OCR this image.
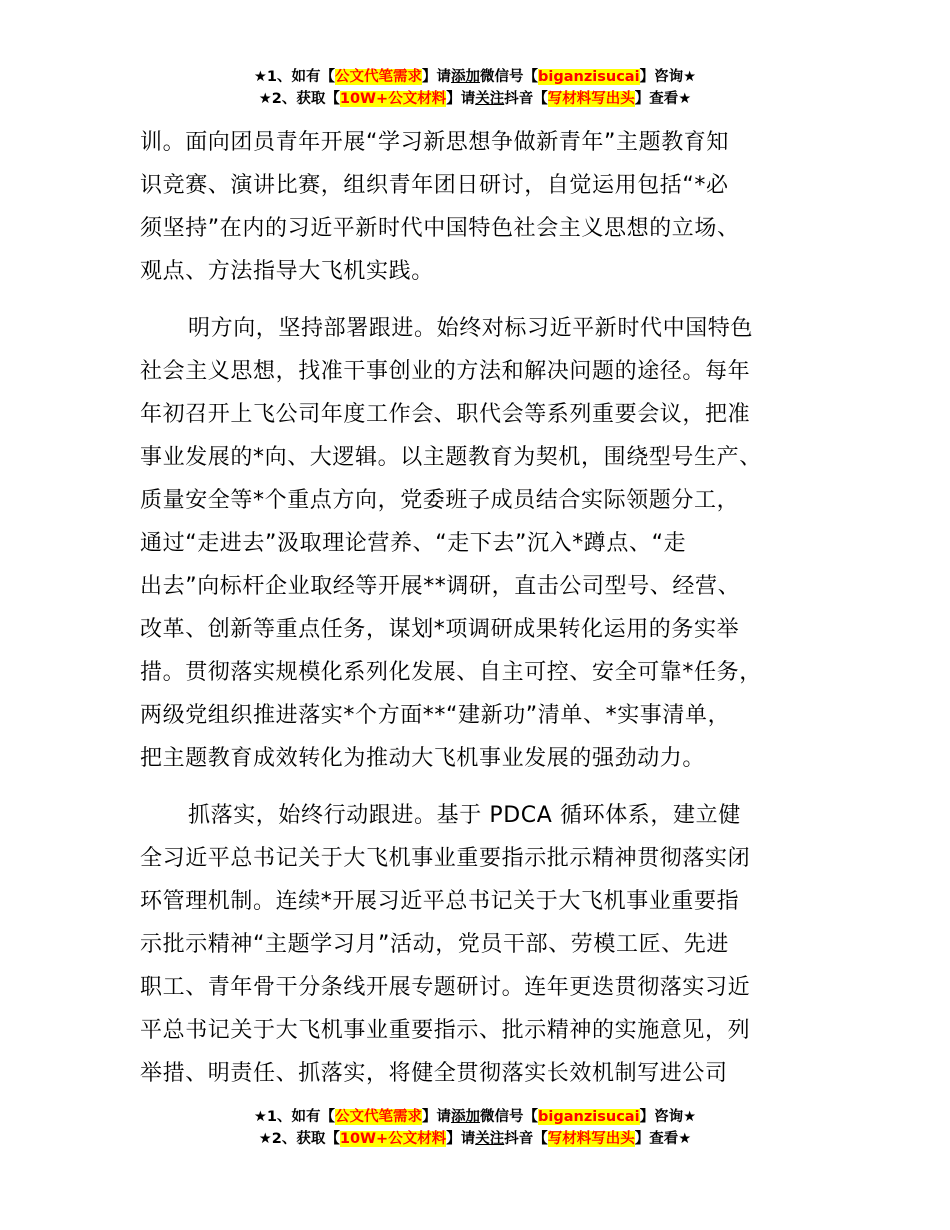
★1、如有【公文代笔需求】请添加微信号【biganzisucai】咨询★
★2、获取【10W+公文材料】请关注抖音【写材料写出头】查看★
训。面向团员青年开展“学习新思想争做新青年”主题教育知
识竞赛、演讲比赛，组织青年团日研讨，自觉运用包括“*必
须坚持”在内的习近平新时代中国特色社会主义思想的立场、
观点、方法指导大飞机实践。
明方向，坚持部署跟进。始终对标习近平新时代中国特色
社会主义思想，找准干事创业的方法和解决问题的途径。每年
年初召开上飞公司年度工作会、职代会等系列重要会议，把准
事业发展的*向、大逻辑。以主题教育为契机，围绕型号生产、
质量安全等*个重点方向，党委班子成员结合实际领题分工，
通过“走进去”汲取理论营养、“走下去”沉入*蹲点、“走
出去”向标杆企业取经等开展**调研，直击公司型号、经营、
改革、创新等重点任务，谋划*项调研成果转化运用的务实举
措。贯彻落实规模化系列化发展、自主可控、安全可靠*任务，
两级党组织推进落实*个方面**“建新功”清单、*实事清单，
把主题教育成效转化为推动大飞机事业发展的强劲动力。
抓落实，始终行动跟进。基于 PDCA 循环体系，建立健
全习近平总书记关于大飞机事业重要指示批示精神贯彻落实闭
环管理机制。连续*开展习近平总书记关于大飞机事业重要指
示批示精神“主题学习月”活动，党员干部、劳模工匠、先进
职工、青年骨干分条线开展专题研讨。连年更迭贯彻落实习近
平总书记关于大飞机事业重要指示、批示精神的实施意见，列
举措、明责任、抓落实，将健全贯彻落实长效机制写进公司
★1、如有【公文代笔需求】请添加微信号【biganzisucai】咨询★
★2、获取【10W+公文材料】请关注抖音【写材料写出头】查看★
